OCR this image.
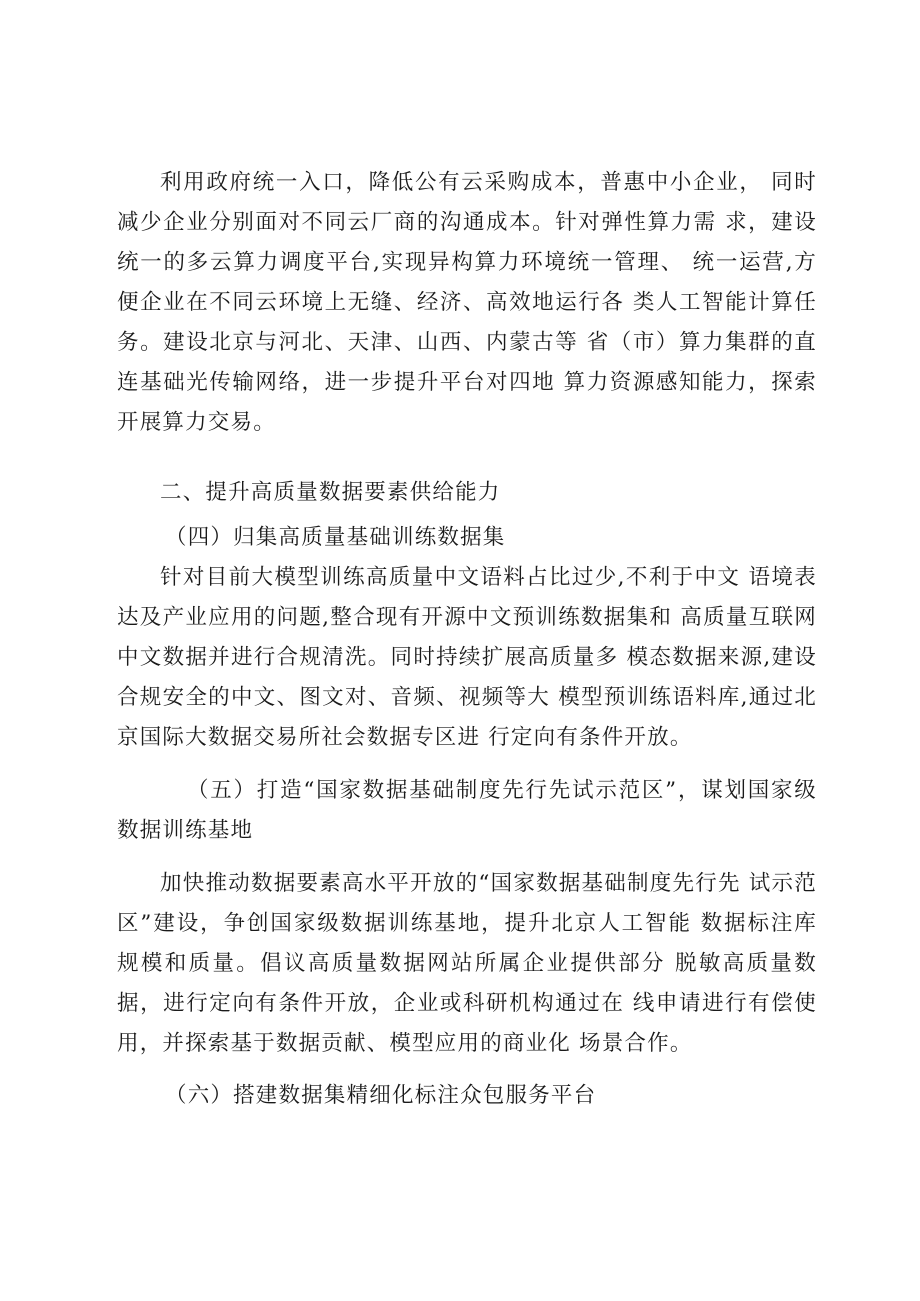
利用政府统一入口，降低公有云采购成本，普惠中小企业， 同时减少企业分别面对不同云厂商的沟通成本。针对弹性算力需 求，建设统一的多云算力调度平台,实现异构算力环境统一管理、 统一运营,方便企业在不同云环境上无缝、经济、高效地运行各 类人工智能计算任务。建设北京与河北、天津、山西、内蒙古等 省（市）算力集群的直连基础光传输网络，进一步提升平台对四地 算力资源感知能力，探索开展算力交易。
二、提升高质量数据要素供给能力
（四）归集高质量基础训练数据集
针对目前大模型训练高质量中文语料占比过少,不利于中文 语境表达及产业应用的问题,整合现有开源中文预训练数据集和 高质量互联网中文数据并进行合规清洗。同时持续扩展高质量多 模态数据来源,建设合规安全的中文、图文对、音频、视频等大 模型预训练语料库,通过北京国际大数据交易所社会数据专区进 行定向有条件开放。
（五）打造“国家数据基础制度先行先试示范区”，谋划国家级数据训练基地
加快推动数据要素高水平开放的“国家数据基础制度先行先 试示范区”建设，争创国家级数据训练基地，提升北京人工智能 数据标注库规模和质量。倡议高质量数据网站所属企业提供部分 脱敏高质量数据，进行定向有条件开放，企业或科研机构通过在 线申请进行有偿使用，并探索基于数据贡献、模型应用的商业化 场景合作。
（六）搭建数据集精细化标注众包服务平台
